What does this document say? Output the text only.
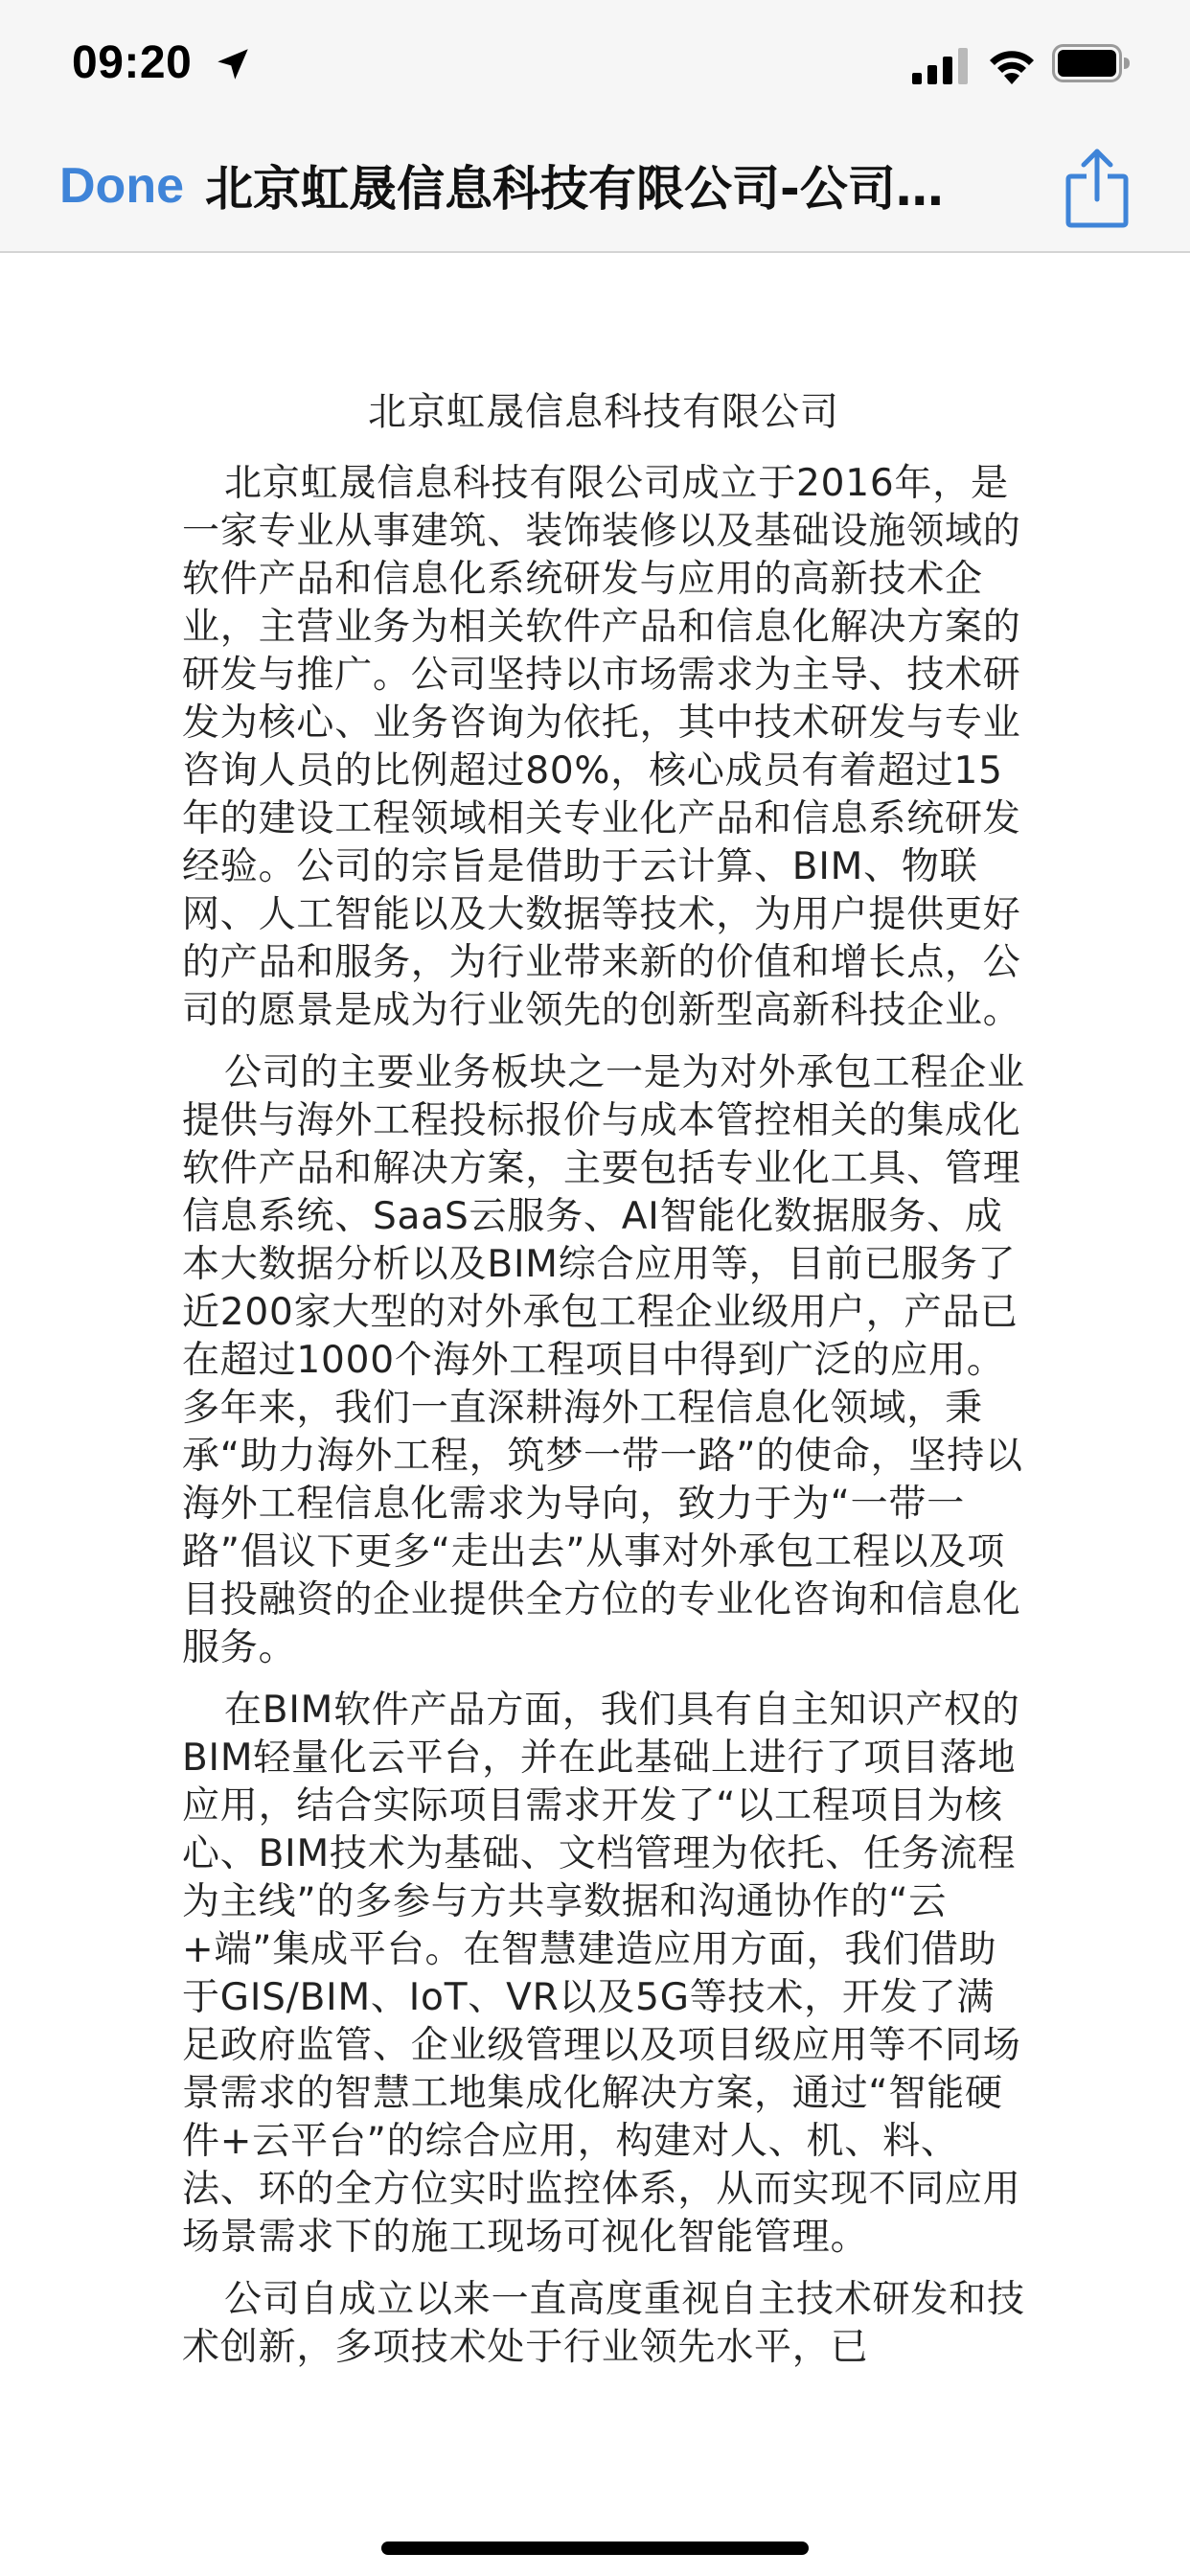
09:20
Done 北京虹晟信息科技有限公司-公司…
北京虹晟信息科技有限公司

北京虹晟信息科技有限公司成立于2016年，是一家专业从事建筑、装饰装修以及基础设施领域的软件产品和信息化系统研发与应用的高新技术企业，主营业务为相关软件产品和信息化解决方案的研发与推广。公司坚持以市场需求为主导、技术研发为核心、业务咨询为依托，其中技术研发与专业咨询人员的比例超过80%，核心成员有着超过15年的建设工程领域相关专业化产品和信息系统研发经验。公司的宗旨是借助于云计算、BIM、物联网、人工智能以及大数据等技术，为用户提供更好的产品和服务，为行业带来新的价值和增长点，公司的愿景是成为行业领先的创新型高新科技企业。

公司的主要业务板块之一是为对外承包工程企业提供与海外工程投标报价与成本管控相关的集成化软件产品和解决方案，主要包括专业化工具、管理信息系统、SaaS云服务、AI智能化数据服务、成本大数据分析以及BIM综合应用等，目前已服务了近200家大型的对外承包工程企业级用户，产品已在超过1000个海外工程项目中得到广泛的应用。多年来，我们一直深耕海外工程信息化领域，秉承“助力海外工程，筑梦一带一路”的使命，坚持以海外工程信息化需求为导向，致力于为“一带一路”倡议下更多“走出去”从事对外承包工程以及项目投融资的企业提供全方位的专业化咨询和信息化服务。

在BIM软件产品方面，我们具有自主知识产权的BIM轻量化云平台，并在此基础上进行了项目落地应用，结合实际项目需求开发了“以工程项目为核心、BIM技术为基础、文档管理为依托、任务流程为主线”的多参与方共享数据和沟通协作的“云+端”集成平台。在智慧建造应用方面，我们借助于GIS/BIM、IoT、VR以及5G等技术，开发了满足政府监管、企业级管理以及项目级应用等不同场景需求的智慧工地集成化解决方案，通过“智能硬件+云平台”的综合应用，构建对人、机、料、法、环的全方位实时监控体系，从而实现不同应用场景需求下的施工现场可视化智能管理。

公司自成立以来一直高度重视自主技术研发和技术创新，多项技术处于行业领先水平，已
